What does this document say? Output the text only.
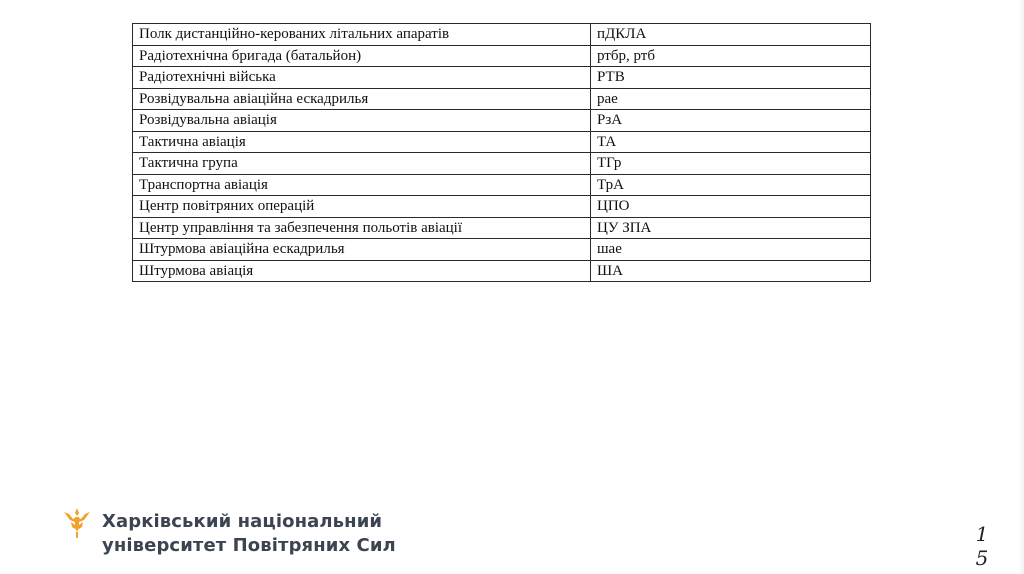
Полк дистанційно-керованих літальних апаратів	пДКЛА
Радіотехнічна бригада (батальйон)	ртбр, ртб
Радіотехнічні війська	РТВ
Розвідувальна авіаційна ескадрилья	рае
Розвідувальна авіація	РзА
Тактична авіація	ТА
Тактична група	ТГр
Транспортна авіація	ТрА
Центр повітряних операцій	ЦПО
Центр управління та забезпечення польотів авіації	ЦУ ЗПА
Штурмова авіаційна ескадрилья	шае
Штурмова авіація	ША
Харківський національний
університет Повітряних Сил	1
5
